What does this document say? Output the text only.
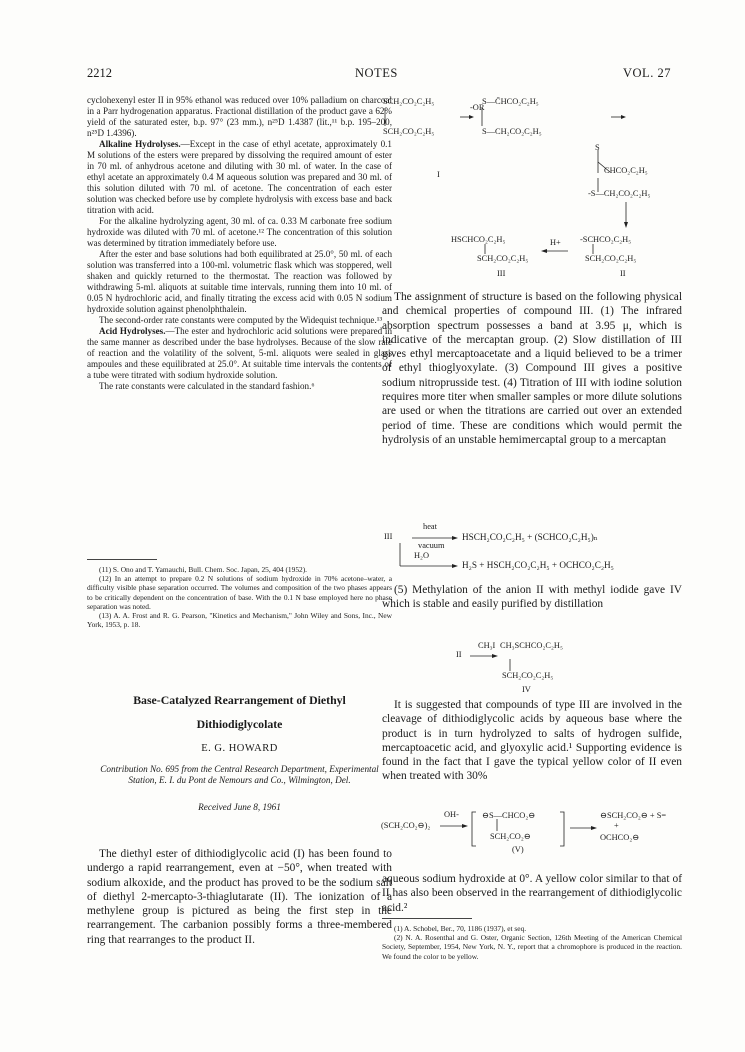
2212	NOTES	VOL. 27

cyclohexenyl ester II in 95% ethanol was reduced over 10% palladium on charcoal in a Parr hydrogenation apparatus. Fractional distillation of the product gave a 62% yield of the saturated ester, b.p. 97° (23 mm.), n²⁵D 1.4387 (lit.,¹¹ b.p. 195–200, n²⁵D 1.4396).

Alkaline Hydrolyses.—Except in the case of ethyl acetate, approximately 0.1 M solutions of the esters were prepared by dissolving the required amount of ester in 70 ml. of anhydrous acetone and diluting with 30 ml. of water. In the case of ethyl acetate an approximately 0.4 M aqueous solution was prepared and 30 ml. of this solution diluted with 70 ml. of acetone. The concentration of each ester solution was checked before use by complete hydrolysis with excess base and back titration with acid.

For the alkaline hydrolyzing agent, 30 ml. of ca. 0.33 M carbonate free sodium hydroxide was diluted with 70 ml. of acetone.¹² The concentration of this solution was determined by titration immediately before use.

After the ester and base solutions had both equilibrated at 25.0°, 50 ml. of each solution was transferred into a 100-ml. volumetric flask which was stoppered, well shaken and quickly returned to the thermostat. The reaction was followed by withdrawing 5-ml. aliquots at suitable time intervals, running them into 10 ml. of 0.05 N hydrochloric acid, and finally titrating the excess acid with 0.05 N sodium hydroxide solution against phenolphthalein.

The second-order rate constants were computed by the Widequist technique.¹³

Acid Hydrolyses.—The ester and hydrochloric acid solutions were prepared in the same manner as described under the base hydrolyses. Because of the slow rate of reaction and the volatility of the solvent, 5-ml. aliquots were sealed in glass ampoules and these equilibrated at 25.0°. At suitable time intervals the contents of a tube were titrated with sodium hydroxide solution.

The rate constants were calculated in the standard fashion.⁶

(11) S. Ono and T. Yamauchi, Bull. Chem. Soc. Japan, 25, 404 (1952).

(12) In an attempt to prepare 0.2 N solutions of sodium hydroxide in 70% acetone–water, a difficulty visible phase separation occurred. The volumes and composition of the two phases appears to be critically dependent on the concentration of base. With the 0.1 N base employed here no phase separation was noted.

(13) A. A. Frost and R. G. Pearson, "Kinetics and Mechanism," John Wiley and Sons, Inc., New York, 1953, p. 18.

Base-Catalyzed Rearrangement of Diethyl
Dithiodiglycolate
E. G. HOWARD
Contribution No. 695 from the Central Research Department, Experimental Station, E. I. du Pont de Nemours and Co., Wilmington, Del.
Received June 8, 1961

The diethyl ester of dithiodiglycolic acid (I) has been found to undergo a rapid rearrangement, even at −50°, when treated with sodium alkoxide, and the product has proved to be the sodium salt of diethyl 2-mercapto-3-thiaglutarate (II). The ionization of a methylene group is pictured as being the first step in the rearrangement. The carbanion possibly forms a three-membered ring that rearranges to the product II.

SCH₂CO₂C₂H₅
SCH₂CO₂C₂H₅
-OR
S—C̄HCO₂C₂H₅
S—CH₂CO₂C₂H₅
I
S
CHCO₂C₂H₅
-S—CH₂CO₂C₂H₅
HSCHCO₂C₂H₅
SCH₂CO₂C₂H₅
III
H+ -SCHCO₂C₂H₅
SCH₂CO₂C₂H₅
II

The assignment of structure is based on the following physical and chemical properties of compound III. (1) The infrared absorption spectrum possesses a band at 3.95 μ, which is indicative of the mercaptan group. (2) Slow distillation of III gives ethyl mercaptoacetate and a liquid believed to be a trimer of ethyl thioglyoxylate. (3) Compound III gives a positive sodium nitroprusside test. (4) Titration of III with iodine solution requires more titer when smaller samples or more dilute solutions are used or when the titrations are carried out over an extended period of time. These are conditions which would permit the hydrolysis of an unstable hemimercaptal group to a mercaptan

III
heat
vacuum
HSCH₂CO₂C₂H₅ + (SCHCO₂C₂H₅)ₙ
H₂O
H₂S + HSCH₂CO₂C₂H₅ + OCHCO₂C₂H₅

(5) Methylation of the anion II with methyl iodide gave IV which is stable and easily purified by distillation

II
CH₃I CH₃SCHCO₂C₂H₅
SCH₂CO₂C₂H₅
IV

It is suggested that compounds of type III are involved in the cleavage of dithiodiglycolic acids by aqueous base where the product is in turn hydrolyzed to salts of hydrogen sulfide, mercaptoacetic acid, and glyoxylic acid.¹ Supporting evidence is found in the fact that I gave the typical yellow color of II even when treated with 30%

(SCH₂CO₂⊖)₂
OH-	⊖S—CHCO₂⊖
SCH₂CO₂⊖
(V)
⊖SCH₂CO₂⊖ + S=
+
OCHCO₂⊖

aqueous sodium hydroxide at 0°. A yellow color similar to that of II has also been observed in the rearrangement of dithiodiglycolic acid.²

(1) A. Schobel, Ber., 70, 1186 (1937), et seq.

(2) N. A. Rosenthal and G. Oster, Organic Section, 126th Meeting of the American Chemical Society, September, 1954, New York, N. Y., report that a chromophore is produced in the reaction. We found the color to be yellow.
